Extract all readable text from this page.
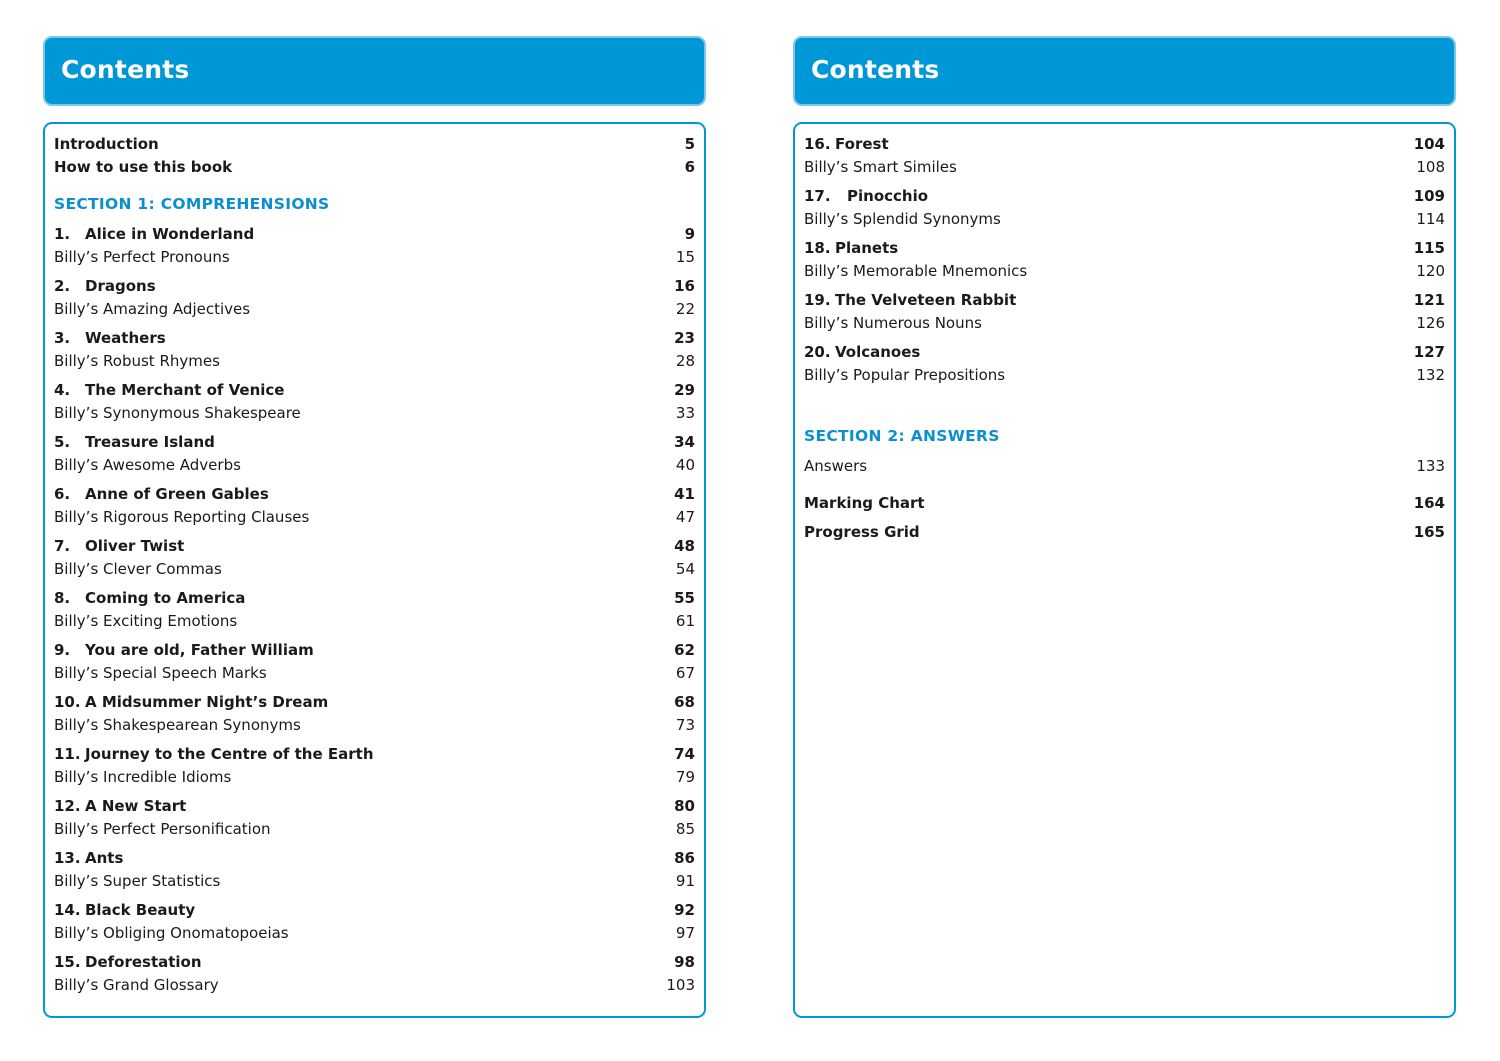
Contents
Introduction	5
How to use this book	6
SECTION 1: COMPREHENSIONS
1. Alice in Wonderland	9
Billy’s Perfect Pronouns	15
2. Dragons	16
Billy’s Amazing Adjectives	22
3. Weathers	23
Billy’s Robust Rhymes	28
4. The Merchant of Venice	29
Billy’s Synonymous Shakespeare	33
5. Treasure Island	34
Billy’s Awesome Adverbs	40
6. Anne of Green Gables	41
Billy’s Rigorous Reporting Clauses	47
7. Oliver Twist	48
Billy’s Clever Commas	54
8. Coming to America	55
Billy’s Exciting Emotions	61
9. You are old, Father William	62
Billy’s Special Speech Marks	67
10. A Midsummer Night’s Dream	68
Billy’s Shakespearean Synonyms	73
11. Journey to the Centre of the Earth	74
Billy’s Incredible Idioms	79
12. A New Start	80
Billy’s Perfect Personification	85
13. Ants	86
Billy’s Super Statistics	91
14. Black Beauty	92
Billy’s Obliging Onomatopoeias	97
15. Deforestation	98
Billy’s Grand Glossary	103
Contents
16. Forest	104
Billy’s Smart Similes	108
17. Pinocchio	109
Billy’s Splendid Synonyms	114
18. Planets	115
Billy’s Memorable Mnemonics	120
19. The Velveteen Rabbit	121
Billy’s Numerous Nouns	126
20. Volcanoes	127
Billy’s Popular Prepositions	132
SECTION 2: ANSWERS
Answers	133
Marking Chart	164
Progress Grid	165
